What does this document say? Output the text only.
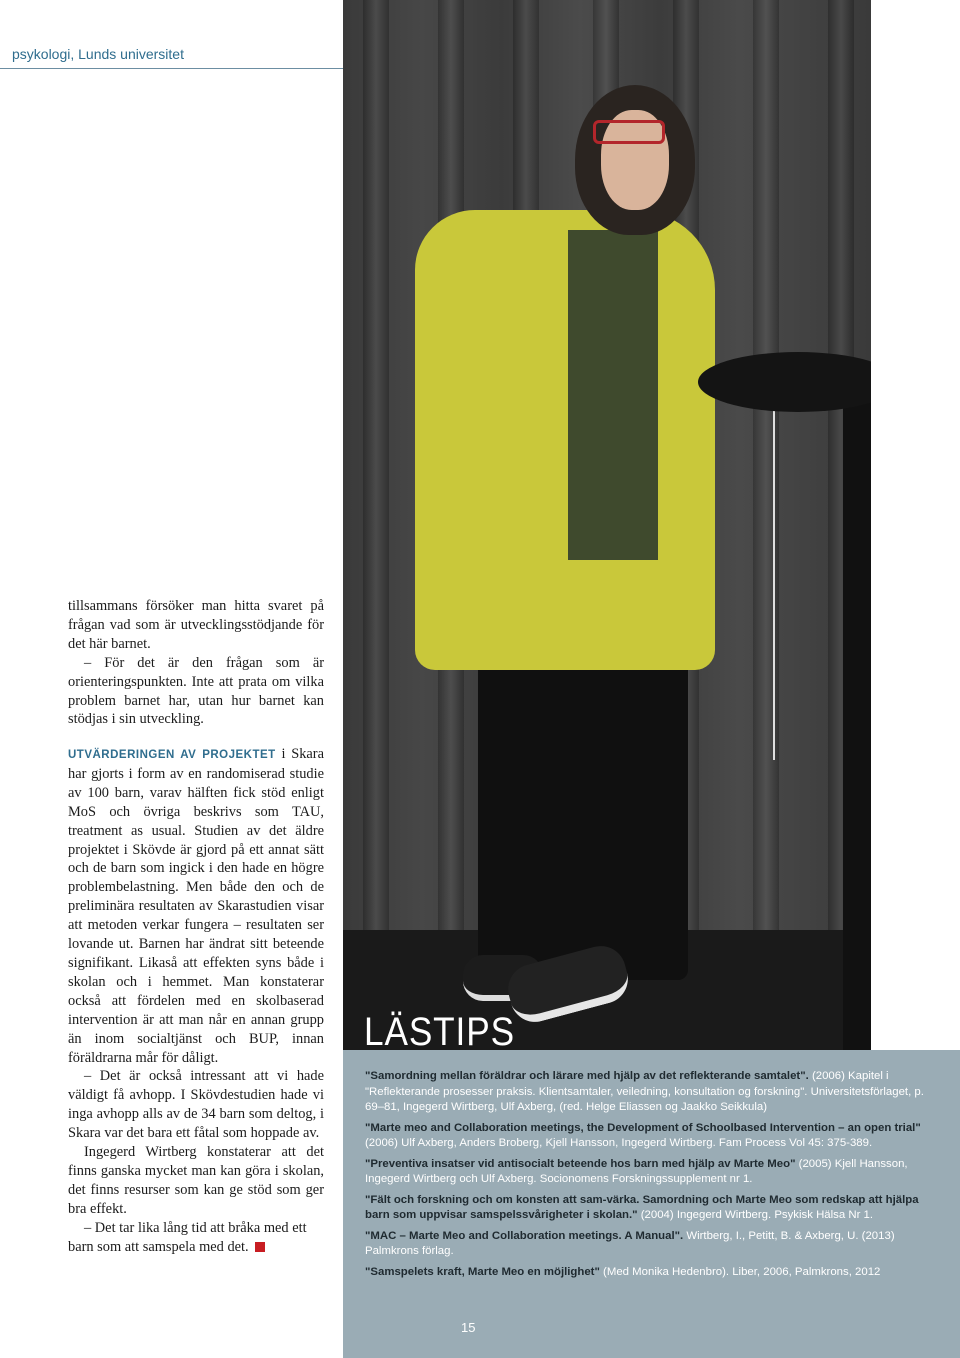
psykologi, Lunds universitet

tillsammans försöker man hitta svaret på frågan vad som är utvecklingsstödjande för det här barnet.

– För det är den frågan som är orienteringspunkten. Inte att prata om vilka problem barnet har, utan hur barnet kan stödjas i sin utveckling.

UTVÄRDERINGEN AV PROJEKTET i Skara har gjorts i form av en randomiserad studie av 100 barn, varav hälften fick stöd enligt MoS och övriga beskrivs som TAU, treatment as usual. Studien av det äldre projektet i Skövde är gjord på ett annat sätt och de barn som ingick i den hade en högre problembelastning. Men både den och de preliminära resultaten av Skarastudien visar att metoden verkar fungera – resultaten ser lovande ut. Barnen har ändrat sitt beteende signifikant. Likaså att effekten syns både i skolan och i hemmet. Man konstaterar också att fördelen med en skolbaserad intervention är att man når en annan grupp än inom socialtjänst och BUP, innan föräldrarna mår för dåligt.

– Det är också intressant att vi hade väldigt få avhopp. I Skövdestudien hade vi inga avhopp alls av de 34 barn som deltog, i Skara var det bara ett fåtal som hoppade av.

Ingegerd Wirtberg konstaterar att det finns ganska mycket man kan göra i skolan, det finns resurser som kan ge stöd som ger bra effekt.

– Det tar lika lång tid att bråka med ett barn som att samspela med det.

LÄSTIPS

"Samordning mellan föräldrar och lärare med hjälp av det reflekterande samtalet". (2006) Kapitel i "Reflekterande prosesser praksis. Klientsamtaler, veiledning, konsultation og forskning". Universitetsförlaget, p. 69–81, Ingegerd Wirtberg, Ulf Axberg, (red. Helge Eliassen og Jaakko Seikkula)

"Marte meo and Collaboration meetings, the Development of Schoolbased Intervention – an open trial" (2006) Ulf Axberg, Anders Broberg, Kjell Hansson, Ingegerd Wirtberg. Fam Process Vol 45: 375-389.

"Preventiva insatser vid antisocialt beteende hos barn med hjälp av Marte Meo" (2005) Kjell Hansson, Ingegerd Wirtberg och Ulf Axberg. Socionomens Forskningssupplement nr 1.

"Fält och forskning och om konsten att sam-värka. Samordning och Marte Meo som redskap att hjälpa barn som uppvisar samspelssvårigheter i skolan." (2004) Ingegerd Wirtberg. Psykisk Hälsa Nr 1.

"MAC – Marte Meo and Collaboration meetings. A Manual". Wirtberg, I., Petitt, B. & Axberg, U. (2013) Palmkrons förlag.

"Samspelets kraft, Marte Meo en möjlighet" (Med Monika Hedenbro). Liber, 2006, Palmkrons, 2012

15
